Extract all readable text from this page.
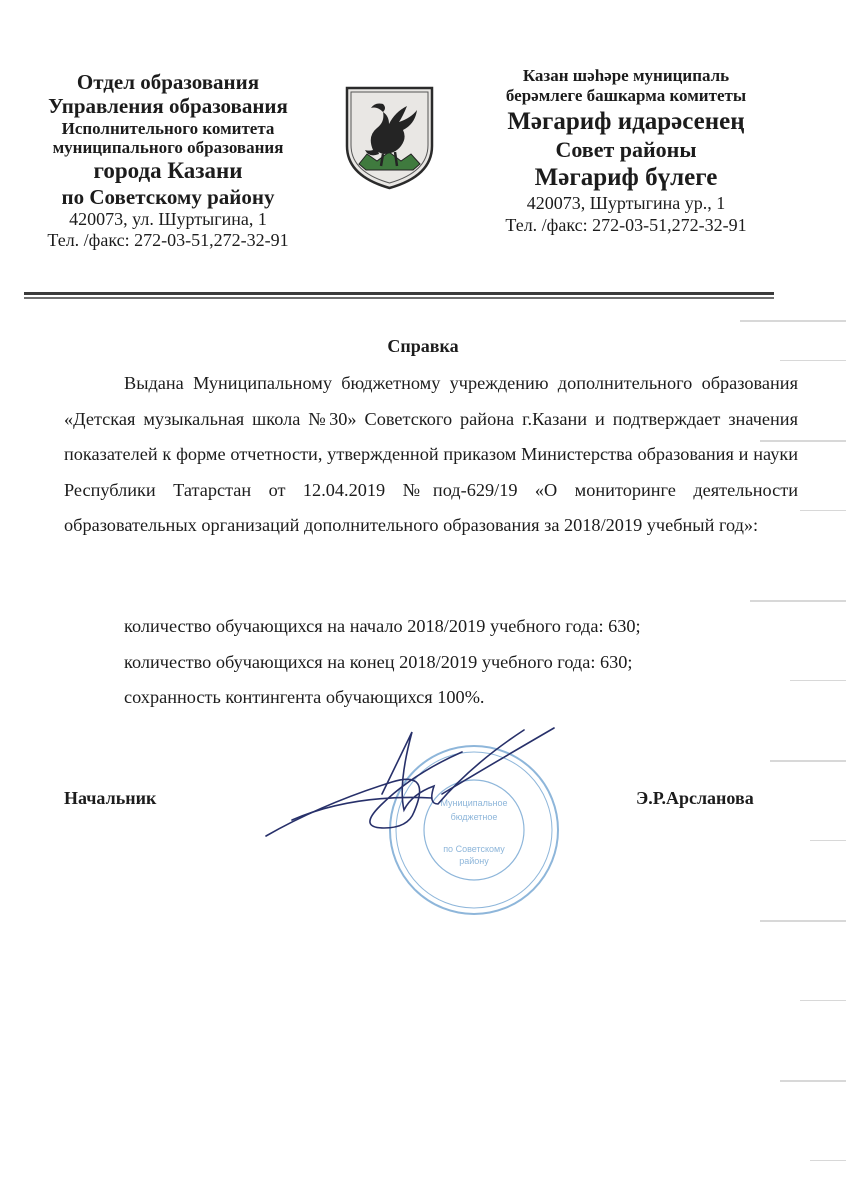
Отдел образования
Управления образования
Исполнительного комитета
муниципального образования
города Казани
по Советскому району
420073, ул. Шуртыгина, 1
Тел. /факс: 272-03-51,272-32-91
Казан шәһәре муниципаль
берәмлеге башкарма комитеты
Мәгариф идарәсенең
Совет районы
Мәгариф бүлеге
420073, Шуртыгина ур., 1
Тел. /факс: 272-03-51,272-32-91
Справка

Выдана Муниципальному бюджетному учреждению дополнительного образования «Детская музыкальная школа №30» Советского района г.Казани и подтверждает значения показателей к форме отчетности, утвержденной приказом Министерства образования и науки Республики Татарстан от 12.04.2019 №под-629/19 «О мониторинге деятельности образовательных организаций дополнительного образования за 2018/2019 учебный год»:

количество обучающихся на начало 2018/2019 учебного года: 630;
количество обучающихся на конец 2018/2019 учебного года: 630;
сохранность контингента обучающихся 100%.
Муниципальное
бюджетное
по Советскому
району
Начальник	Э.Р.Арсланова
